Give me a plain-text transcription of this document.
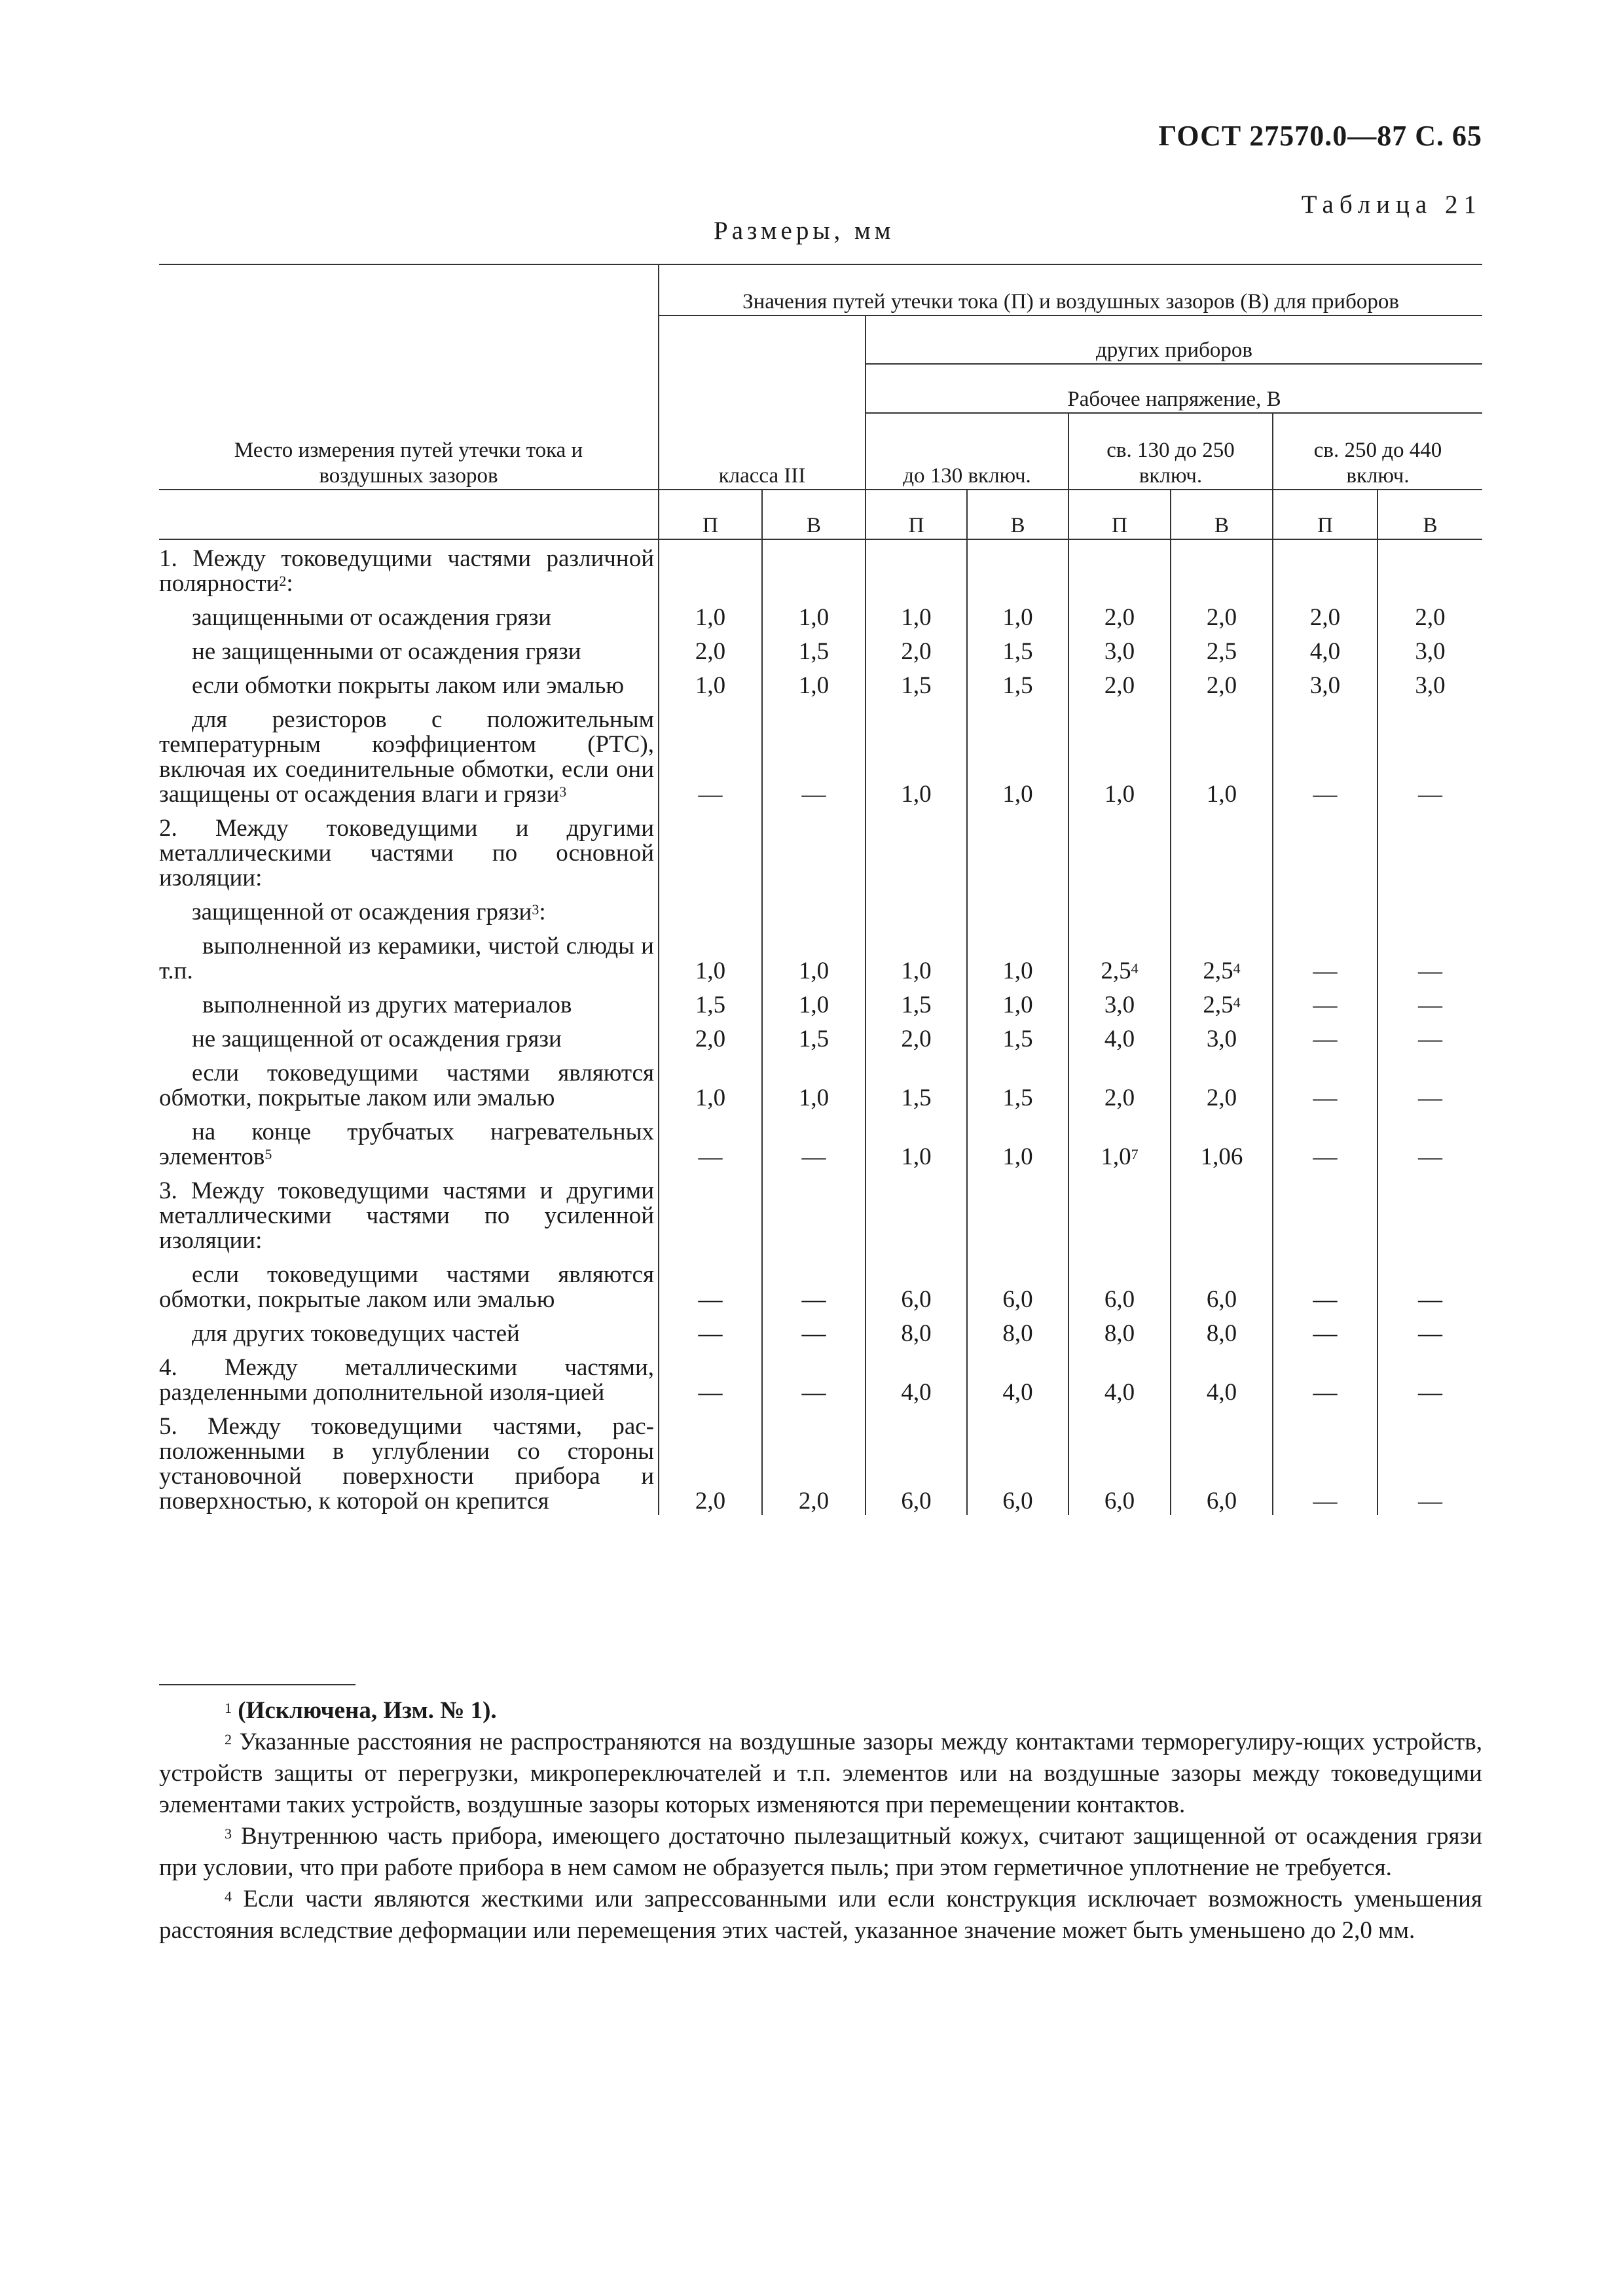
ГОСТ 27570.0—87 С. 65
Таблица 21
Размеры, мм
Место измерения путей утечки тока и воздушных зазоров	Значения путей утечки тока (П) и воздушных зазоров (В) для приборов							
	класса III		других приборов					
			Рабочее напряжение, В					
			до 130 включ.		св. 130 до 250 включ.		св. 250 до 440 включ.	
	П	В	П	В	П	В	П	В

1. Между токоведущими частями различной полярности$^2$:								

защищенными от осаждения грязи	1,0	1,0	1,0	1,0	2,0	2,0	2,0	2,0

не защищенными от осаждения грязи	2,0	1,5	2,0	1,5	3,0	2,5	4,0	3,0

если обмотки покрыты лаком или эмалью	1,0	1,0	1,5	1,5	2,0	2,0	3,0	3,0

для резисторов с положительным температурным коэффициентом (PTC), включая их соединительные обмотки, если они защищены от осаждения влаги и грязи$^3$	—	—	1,0	1,0	1,0	1,0	—	—

2. Между токоведущими и другими металлическими частями по основной изоляции:								

защищенной от осаждения грязи$^3$:								

выполненной из керамики, чистой слюды и т.п.	1,0	1,0	1,0	1,0	$2,5^4$	$2,5^4$	—	—

выполненной из других материалов	1,5	1,0	1,5	1,0	3,0	$2,5^4$	—	—

не защищенной от осаждения грязи	2,0	1,5	2,0	1,5	4,0	3,0	—	—

если токоведущими частями являются обмотки, покрытые лаком или эмалью	1,0	1,0	1,5	1,5	2,0	2,0	—	—

на конце трубчатых нагревательных элементов$^5$	—	—	1,0	1,0	$1,0^7$	1,06	—	—

3. Между токоведущими частями и другими металлическими частями по усиленной изоляции:								

если токоведущими частями являются обмотки, покрытые лаком или эмалью	—	—	6,0	6,0	6,0	6,0	—	—

для других токоведущих частей	—	—	8,0	8,0	8,0	8,0	—	—

4. Между металлическими частями, разделенными дополнительной изоля-цией	—	—	4,0	4,0	4,0	4,0	—	—

5. Между токоведущими частями, рас-положенными в углублении со стороны установочной поверхности прибора и поверхностью, к которой он крепится	2,0	2,0	6,0	6,0	6,0	6,0	—	—

$^1$ (Исключена, Изм. № 1).

$^2$ Указанные расстояния не распространяются на воздушные зазоры между контактами терморегулиру-ющих устройств, устройств защиты от перегрузки, микропереключателей и т.п. элементов или на воздушные зазоры между токоведущими элементами таких устройств, воздушные зазоры которых изменяются при перемещении контактов.

$^3$ Внутреннюю часть прибора, имеющего достаточно пылезащитный кожух, считают защищенной от осаждения грязи при условии, что при работе прибора в нем самом не образуется пыль; при этом герметичное уплотнение не требуется.

$^4$ Если части являются жесткими или запрессованными или если конструкция исключает возможность уменьшения расстояния вследствие деформации или перемещения этих частей, указанное значение может быть уменьшено до 2,0 мм.
